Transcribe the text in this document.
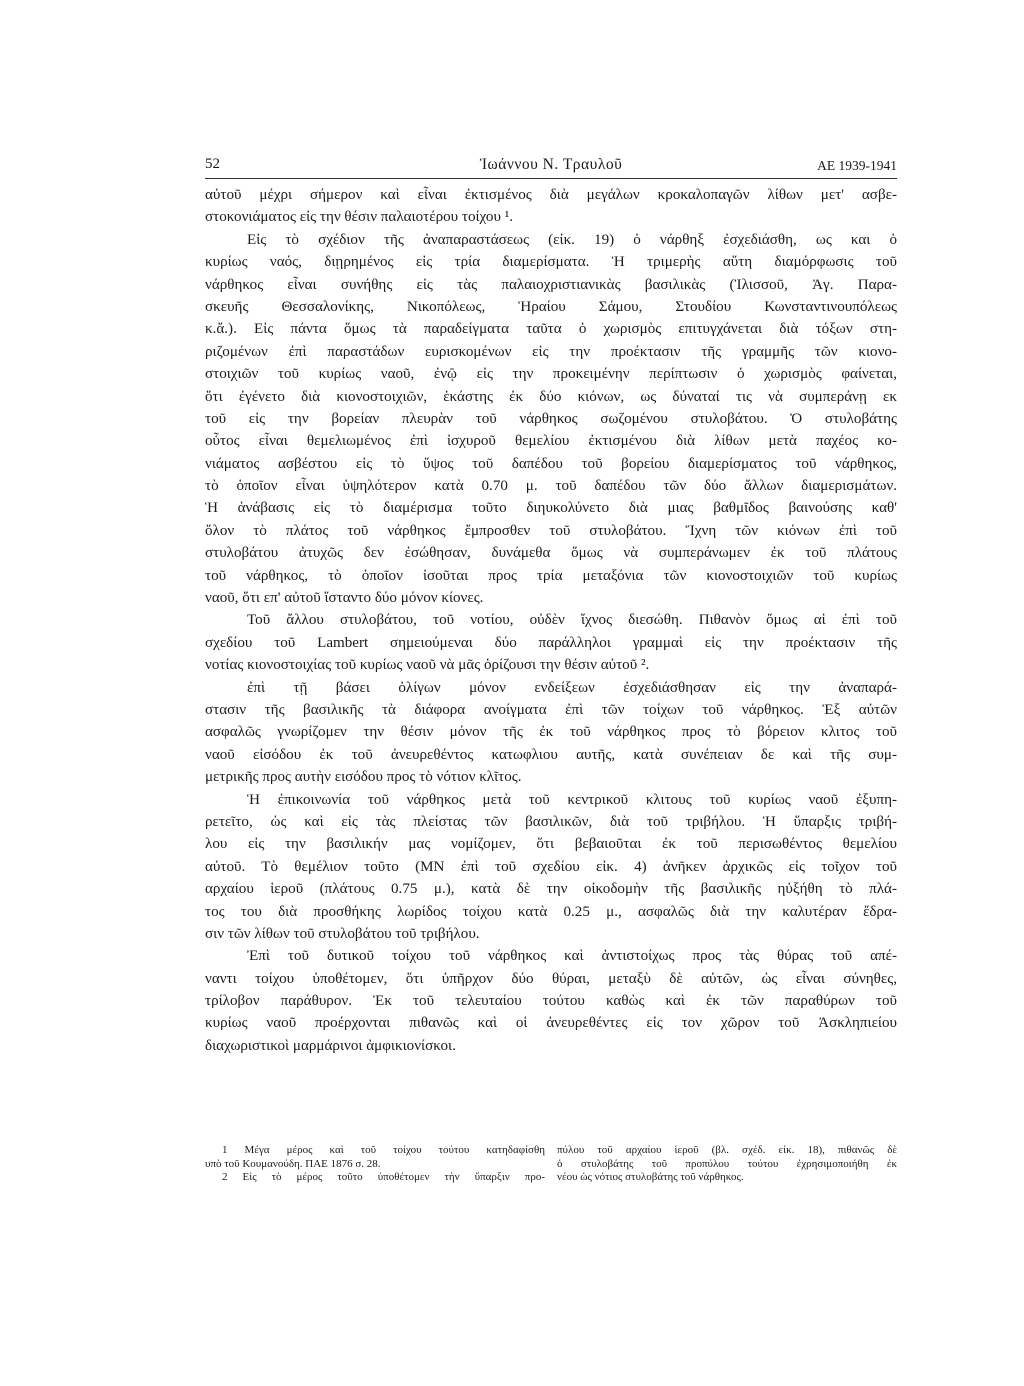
52	Ἰωάννου Ν. Τραυλοῦ	ΑΕ 1939-1941
αὐτοῦ μέχρι σήμερον καὶ εἶναι ἐκτισμένος διὰ μεγάλων κροκαλοπαγῶν λίθων μετ' ασβε-
στοκονιάματος εἰς την θέσιν παλαιοτέρου τοίχου ¹.
Εἰς τὸ σχέδιον τῆς ἀναπαραστάσεως (εἰκ. 19) ὁ νάρθηξ ἐσχεδιάσθη, ως και ὁ
κυρίως ναός, διῃρημένος εἰς τρία διαμερίσματα. Ἡ τριμερὴς αὕτη διαμόρφωσις τοῦ
νάρθηκος εἶναι συνήθης εἰς τὰς παλαιοχριστιανικὰς βασιλικὰς (Ἰλισσοῦ, Ἁγ. Παρα-
σκευῆς Θεσσαλονίκης, Νικοπόλεως, Ἡραίου Σάμου, Στουδίου Κωνσταντινουπόλεως
κ.ἄ.). Εἰς πάντα ὅμως τὰ παραδείγματα ταῦτα ὁ χωρισμὸς επιτυγχάνεται διὰ τόξων στη-
ριζομένων ἐπὶ παραστάδων ευρισκομένων εἰς την προέκτασιν τῆς γραμμῆς τῶν κιονο-
στοιχιῶν τοῦ κυρίως ναοῦ, ἐνῷ εἰς την προκειμένην περίπτωσιν ὁ χωρισμὸς φαίνεται,
ὅτι ἐγένετο διὰ κιονοστοιχιῶν, ἑκάστης ἐκ δύο κιόνων, ως δύναταί τις νὰ συμπεράνῃ εκ
τοῦ εἰς την βορείαν πλευρὰν τοῦ νάρθηκος σωζομένου στυλοβάτου. Ὁ στυλοβάτης
οὗτος εἶναι θεμελιωμένος ἐπὶ ἰσχυροῦ θεμελίου ἐκτισμένου διὰ λίθων μετὰ παχέος κο-
νιάματος ασβέστου εἰς τὸ ὕψος τοῦ δαπέδου τοῦ βορείου διαμερίσματος τοῦ νάρθηκος,
τὸ ὁποῖον εἶναι ὑψηλότερον κατὰ 0.70 μ. τοῦ δαπέδου τῶν δύο ἄλλων διαμερισμάτων.
Ἡ ἀνάβασις εἰς τὸ διαμέρισμα τοῦτο διηυκολύνετο διὰ μιας βαθμῖδος βαινούσης καθ'
ὅλον τὸ πλάτος τοῦ νάρθηκος ἔμπροσθεν τοῦ στυλοβάτου. Ἴχνη τῶν κιόνων ἐπὶ τοῦ
στυλοβάτου ἀτυχῶς δεν ἐσώθησαν, δυνάμεθα ὅμως νὰ συμπεράνωμεν ἐκ τοῦ πλάτους
τοῦ νάρθηκος, τὸ ὁποῖον ἰσοῦται προς τρία μεταξόνια τῶν κιονοστοιχιῶν τοῦ κυρίως
ναοῦ, ὅτι επ' αὐτοῦ ἵσταντο δύο μόνον κίονες.
Τοῦ ἄλλου στυλοβάτου, τοῦ νοτίου, οὐδὲν ἴχνος διεσώθη. Πιθανὸν ὅμως αἱ ἐπὶ τοῦ
σχεδίου τοῦ Lambert σημειούμεναι δύο παράλληλοι γραμμαὶ εἰς την προέκτασιν τῆς
νοτίας κιονοστοιχίας τοῦ κυρίως ναοῦ νὰ μᾶς ὁρίζουσι την θέσιν αὐτοῦ ².
ἐπὶ τῇ βάσει ὀλίγων μόνον ενδείξεων ἐσχεδιάσθησαν εἰς την ἀναπαρά-
στασιν τῆς βασιλικῆς τὰ διάφορα ανοίγματα ἐπὶ τῶν τοίχων τοῦ νάρθηκος. Ἐξ αὐτῶν
ασφαλῶς γνωρίζομεν την θέσιν μόνον τῆς ἐκ τοῦ νάρθηκος προς τὸ βόρειον κλιτος τοῦ
ναοῦ εἰσόδου ἐκ τοῦ ἀνευρεθέντος κατωφλιου αυτῆς, κατὰ συνέπειαν δε καὶ τῆς συμ-
μετρικῆς προς αυτὴν εισόδου προς τὸ νότιον κλῖτος.
Ἡ ἐπικοινωνία τοῦ νάρθηκος μετὰ τοῦ κεντρικοῦ κλιτους τοῦ κυρίως ναοῦ ἐξυπη-
ρετεῖτο, ὡς καὶ εἰς τὰς πλείστας τῶν βασιλικῶν, διὰ τοῦ τριβήλου. Ἡ ὕπαρξις τριβή-
λου εἰς την βασιλικήν μας νομίζομεν, ὅτι βεβαιοῦται ἐκ τοῦ περισωθέντος θεμελίου
αὐτοῦ. Τὸ θεμέλιον τοῦτο (ΜΝ ἐπὶ τοῦ σχεδίου εἰκ. 4) ἀνῆκεν ἀρχικῶς εἰς τοῖχον τοῦ
αρχαίου ἱεροῦ (πλάτους 0.75 μ.), κατὰ δὲ την οἰκοδομὴν τῆς βασιλικῆς ηὐξήθη τὸ πλά-
τος του διὰ προσθήκης λωρίδος τοίχου κατὰ 0.25 μ., ασφαλῶς διὰ την καλυτέραν ἕδρα-
σιν τῶν λίθων τοῦ στυλοβάτου τοῦ τριβήλου.
Ἐπὶ τοῦ δυτικοῦ τοίχου τοῦ νάρθηκος καὶ ἀντιστοίχως προς τὰς θύρας τοῦ απέ-
ναντι τοίχου ὑποθέτομεν, ὅτι ὑπῆρχον δύο θύραι, μεταξὺ δὲ αὐτῶν, ὡς εἶναι σύνηθες,
τρίλοβον παράθυρον. Ἐκ τοῦ τελευταίου τούτου καθὼς καὶ ἐκ τῶν παραθύρων τοῦ
κυρίως ναοῦ προέρχονται πιθανῶς καὶ οἱ ἀνευρεθέντες εἰς τον χῶρον τοῦ Ἀσκληπιείου
διαχωριστικοὶ μαρμάρινοι ἀμφικιονίσκοι.
1 Μέγα μέρος καὶ τοῦ τοίχου τούτου κατηδαφίσθη
υπὸ τοῦ Κουμανούδη. ΠΑΕ 1876 σ. 28.
2 Εἰς τὸ μέρος τοῦτο ὑποθέτομεν τὴν ὕπαρξιν προ-
πύλου τοῦ αρχαίου ἱεροῦ (βλ. σχέδ. εἰκ. 18), πιθανῶς δὲ
ὁ στυλοβάτης τοῦ προπύλου τούτου ἐχρησιμοποιήθη ἐκ
νέου ὡς νότιος στυλοβάτης τοῦ νάρθηκος.
